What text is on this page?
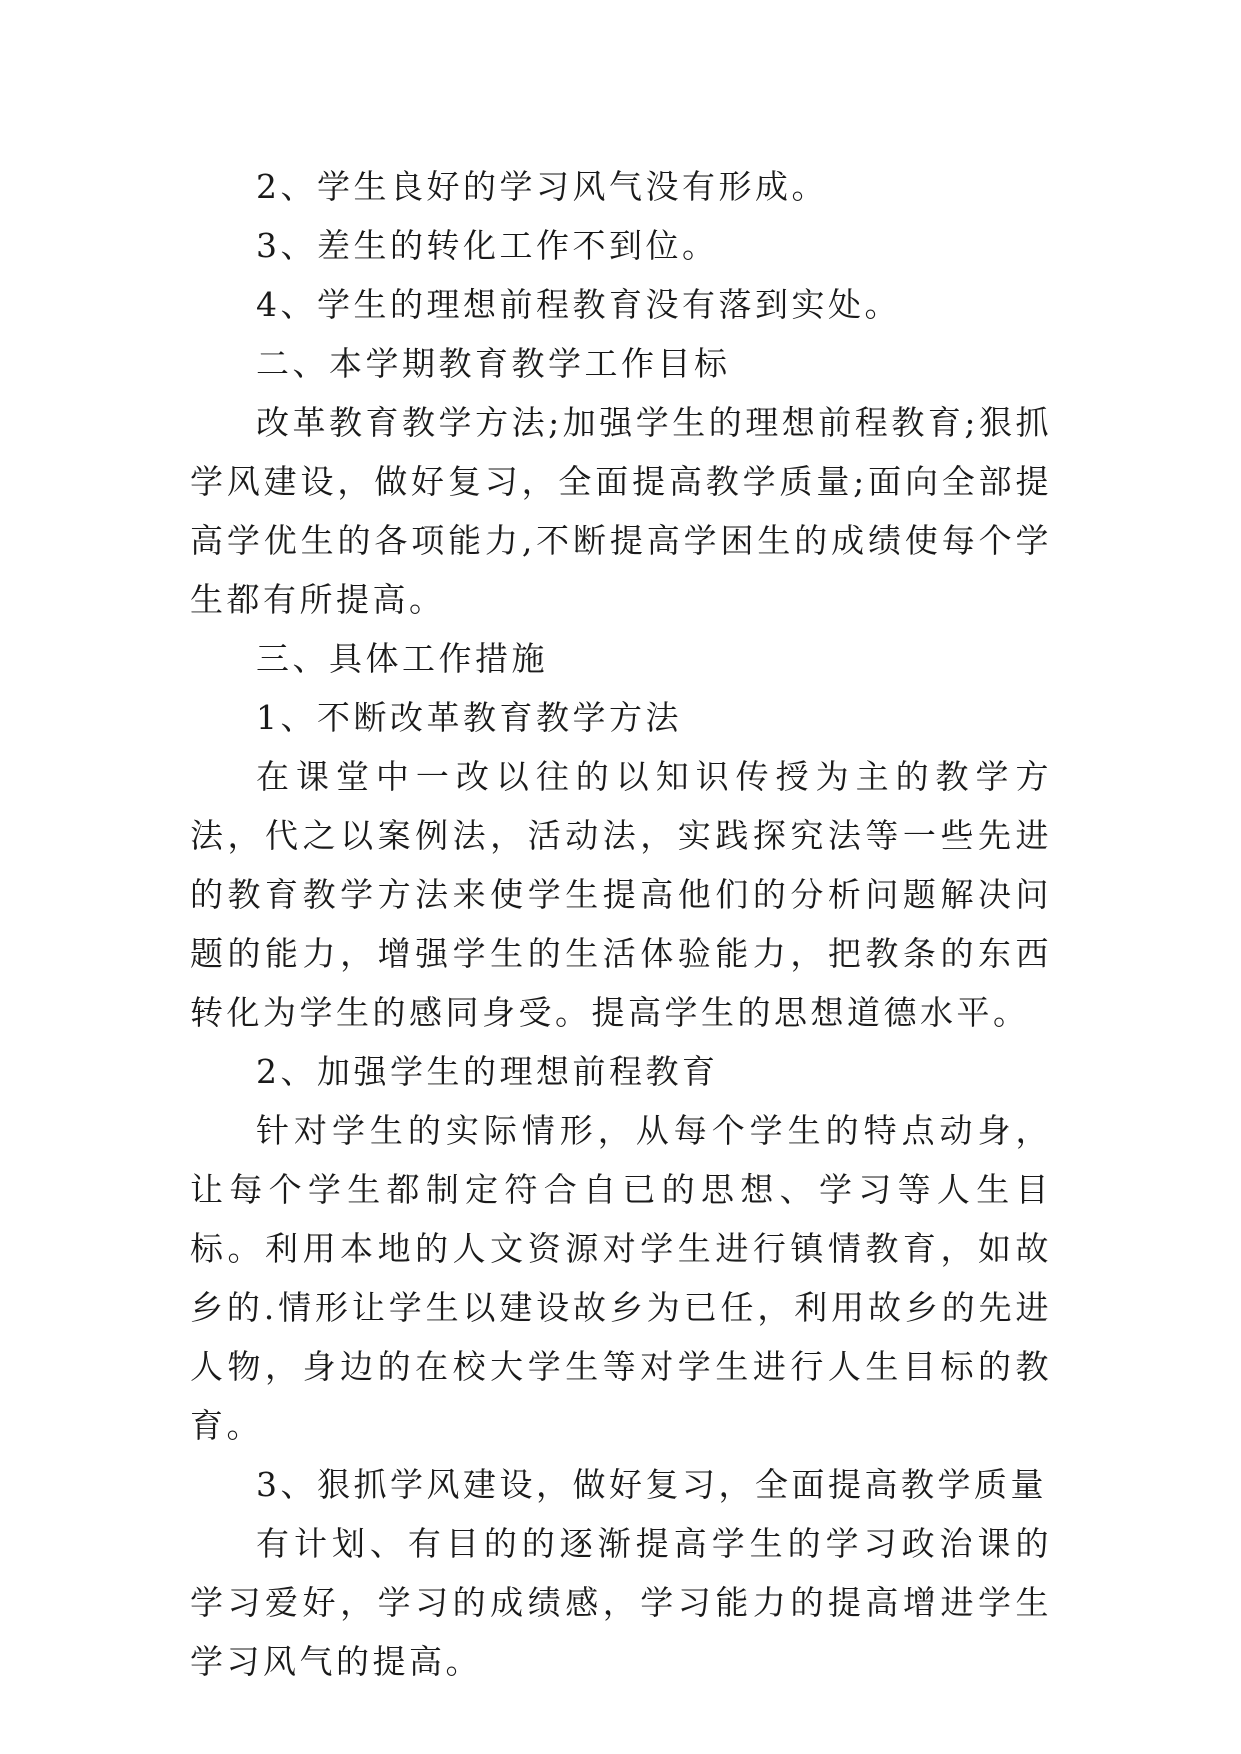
2、学生良好的学习风气没有形成。

3、差生的转化工作不到位。

4、学生的理想前程教育没有落到实处。

二、本学期教育教学工作目标

改革教育教学方法;加强学生的理想前程教育;狠抓学风建设，做好复习，全面提高教学质量;面向全部提高学优生的各项能力,不断提高学困生的成绩使每个学生都有所提高。

三、具体工作措施

1、不断改革教育教学方法

在课堂中一改以往的以知识传授为主的教学方法，代之以案例法，活动法，实践探究法等一些先进的教育教学方法来使学生提高他们的分析问题解决问题的能力，增强学生的生活体验能力，把教条的东西转化为学生的感同身受。提高学生的思想道德水平。

2、加强学生的理想前程教育

针对学生的实际情形，从每个学生的特点动身，让每个学生都制定符合自已的思想、学习等人生目标。利用本地的人文资源对学生进行镇情教育，如故乡的.情形让学生以建设故乡为已任，利用故乡的先进人物，身边的在校大学生等对学生进行人生目标的教育。

3、狠抓学风建设，做好复习，全面提高教学质量

有计划、有目的的逐渐提高学生的学习政治课的学习爱好，学习的成绩感，学习能力的提高增进学生学习风气的提高。
